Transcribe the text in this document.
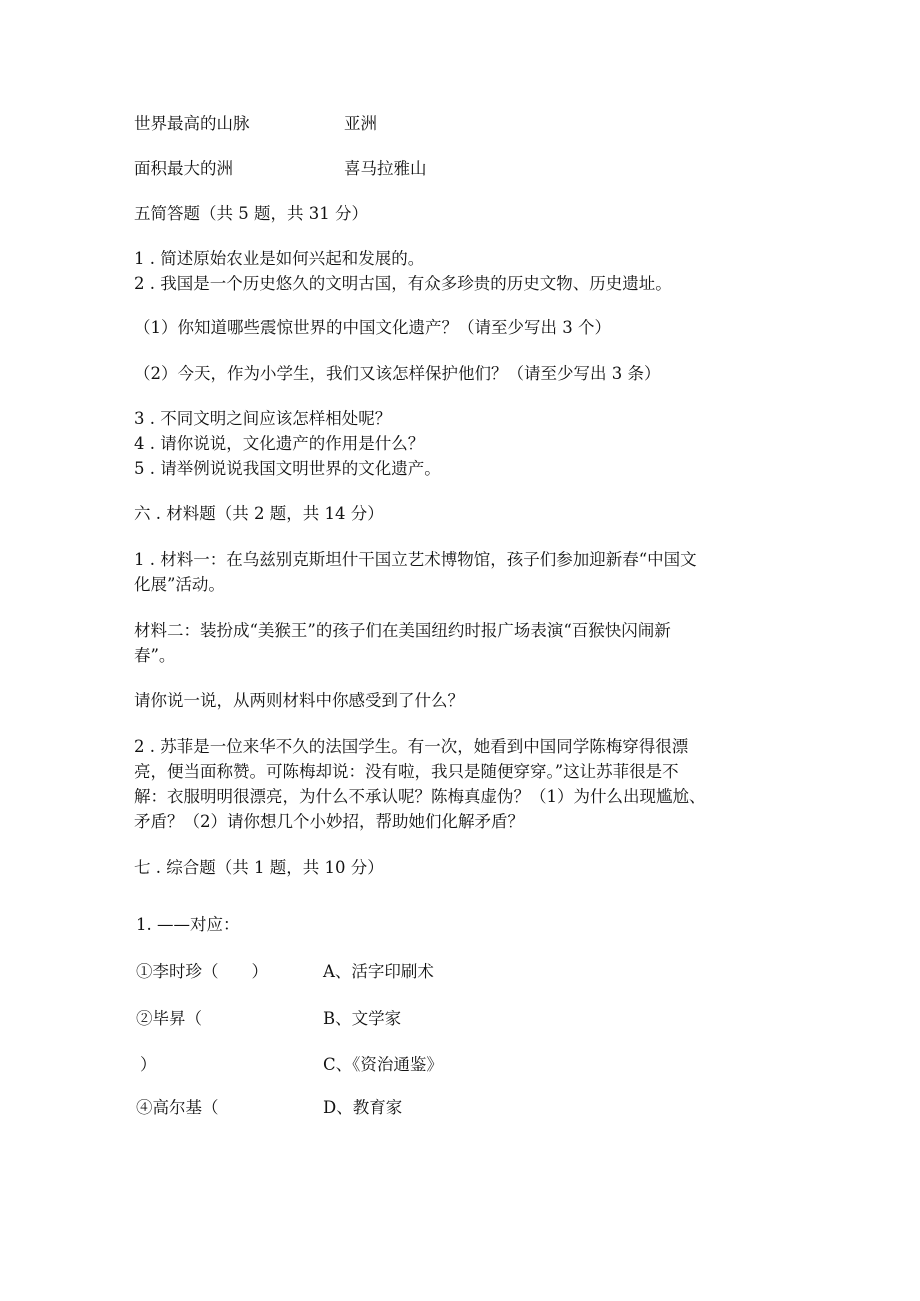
世界最高的山脉	亚洲
面积最大的洲	喜马拉雅山
五简答题（共 5 题，共 31 分）
1 . 简述原始农业是如何兴起和发展的。
2 . 我国是一个历史悠久的文明古国，有众多珍贵的历史文物、历史遗址。
（1）你知道哪些震惊世界的中国文化遗产？（请至少写出 3 个）
（2）今天，作为小学生，我们又该怎样保护他们？（请至少写出 3 条）
3 . 不同文明之间应该怎样相处呢？
4 . 请你说说，文化遗产的作用是什么？
5 . 请举例说说我国文明世界的文化遗产。
六 . 材料题（共 2 题，共 14 分）
1 . 材料一：在乌兹别克斯坦什干国立艺术博物馆，孩子们参加迎新春“中国文
化展”活动。
材料二：装扮成“美猴王”的孩子们在美国纽约时报广场表演“百猴快闪闹新
春”。
请你说一说，从两则材料中你感受到了什么？
2 . 苏菲是一位来华不久的法国学生。有一次，她看到中国同学陈梅穿得很漂
亮，便当面称赞。可陈梅却说：没有啦，我只是随便穿穿。”这让苏菲很是不
解：衣服明明很漂亮，为什么不承认呢？陈梅真虚伪？（1）为什么出现尴尬、
矛盾？（2）请你想几个小妙招，帮助她们化解矛盾？
七 . 综合题（共 1 题，共 10 分）
1. ——对应：
①李时珍（　　）	A、活字印刷术
②毕昇（	B、文学家
）	C、《资治通鉴》
④高尔基（	D、教育家
